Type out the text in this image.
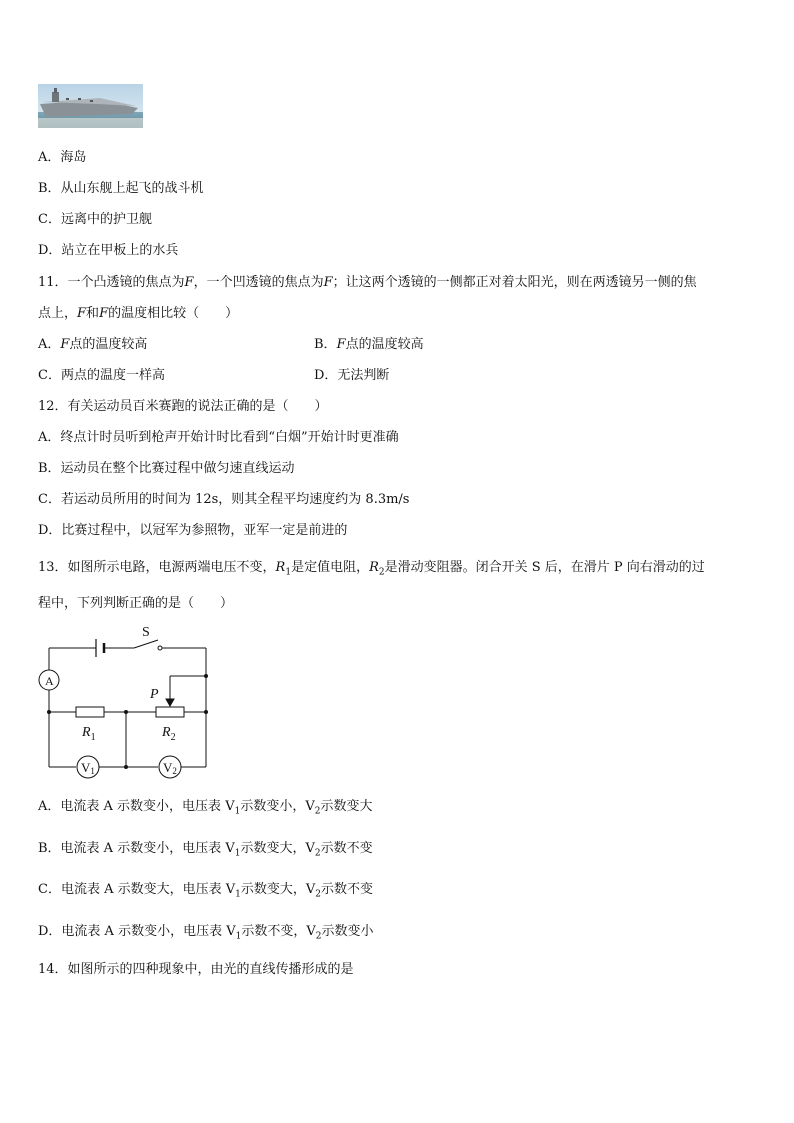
A．海岛
B．从山东舰上起飞的战斗机
C．远离中的护卫舰
D．站立在甲板上的水兵
11．一个凸透镜的焦点为F，一个凹透镜的焦点为F；让这两个透镜的一侧都正对着太阳光，则在两透镜另一侧的焦
点上，F和F的温度相比较（　　）
A．F点的温度较高	B．F点的温度较高
C．两点的温度一样高	D．无法判断
12．有关运动员百米赛跑的说法正确的是（　　）
A．终点计时员听到枪声开始计时比看到“白烟”开始计时更准确
B．运动员在整个比赛过程中做匀速直线运动
C．若运动员所用的时间为 12s，则其全程平均速度约为 8.3m/s
D．比赛过程中，以冠军为参照物，亚军一定是前进的
13．如图所示电路，电源两端电压不变，$R_1$是定值电阻，$R_2$是滑动变阻器。闭合开关 S 后，在滑片 P 向右滑动的过
程中，下列判断正确的是（　　）
S
A
P
$R_1$	$R_2$
V1	V2
A．电流表 A 示数变小，电压表 $V_1$示数变小，$V_2$示数变大
B．电流表 A 示数变小，电压表 $V_1$示数变大，$V_2$示数不变
C．电流表 A 示数变大，电压表 $V_1$示数变大，$V_2$示数不变
D．电流表 A 示数变小，电压表 $V_1$示数不变，$V_2$示数变小
14．如图所示的四种现象中，由光的直线传播形成的是
